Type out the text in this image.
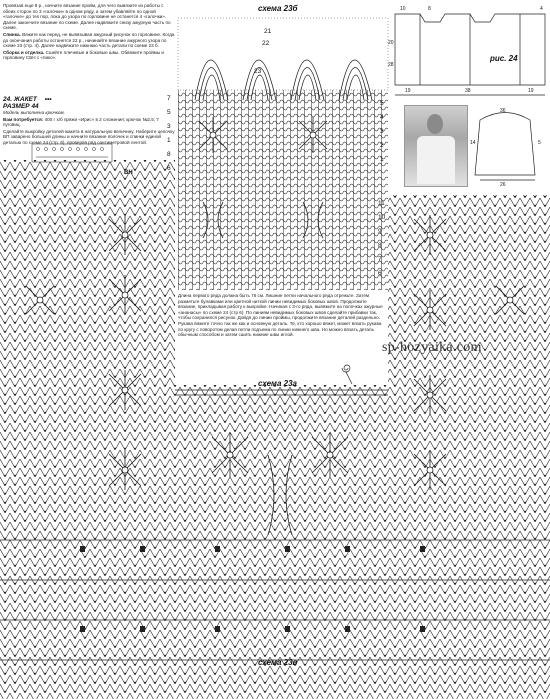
Провязав еще 8 р., начните вязание пройм, для чего вывязите из работы с обеих сторон по 3 «галочки» в одном ряду, а затем убавляйте по одной «галочке» до тех пор, пока до узора по горловине не останется 4 «галочки». Далее закончите вязание по схеме. Далее надвяжите снизу ажурную часть по схеме.

Спинка. Вяжите как перед, не вывязывая ажурный рисунок по горловине. Когда до окончания работы останется 22 р., начинайте вязание ажурного узора по схеме 23 (стр. 4). Далее надвяжите нижнюю часть детали по схеме 23 б.

Сборка и отделка. Сшейте плечевые и боковые швы. Обвяжите проймы и горловину СБН с «пико».

24. ЖАКЕТ •••
РАЗМЕР 44

Модель выполнена крючком.

Вам потребуется: 400 г х/б пряжи «Ирис» в 2 сложения; крючок №2,5; 7 пуговиц.

Сделайте выкройку деталей жакета в натуральную величину. Наберите цепочку ВП заварено большей длины и начните вязание полочек и спинки единой деталью по схеме 24 (стр. 6), проверяя ряд сантиметровой лентой.

ВН
схема 23б
схема 23а
схема 23в
23
22
21
7
5
3
1
8
6
5
4
3
2
1
11
10
9
8
7
6
10	8
20
28
19	38	19
4
36
14
26
5
рис. 24
Длина первого ряда должна быть 76 см. Лишние петли начального ряда отрежьте. Затем разметьте булавками или цветной ниткой линии невидимых боковых швов. Продолжите вязание, прикладывая работу к выкройке. Начиная с 3-го ряда, вывяжите на полочках ажурные «ананасы» по схеме 24 (стр 6). По линиям невидимых боковых швов сделайте прибавки так, чтобы сохранился рисунок. Дойдя до линии проймы, продолжите вязание деталей раздельно. Рукава вяжите точно так же как и основную деталь. Те, кто хорошо вяжет, может вязать рукава по кругу с поворотом делая петли подъема по линии нижнего шва. Но можно вязать деталь обычным способом и затем сшить нижние швы иглой.
sp-hozyaika.com
